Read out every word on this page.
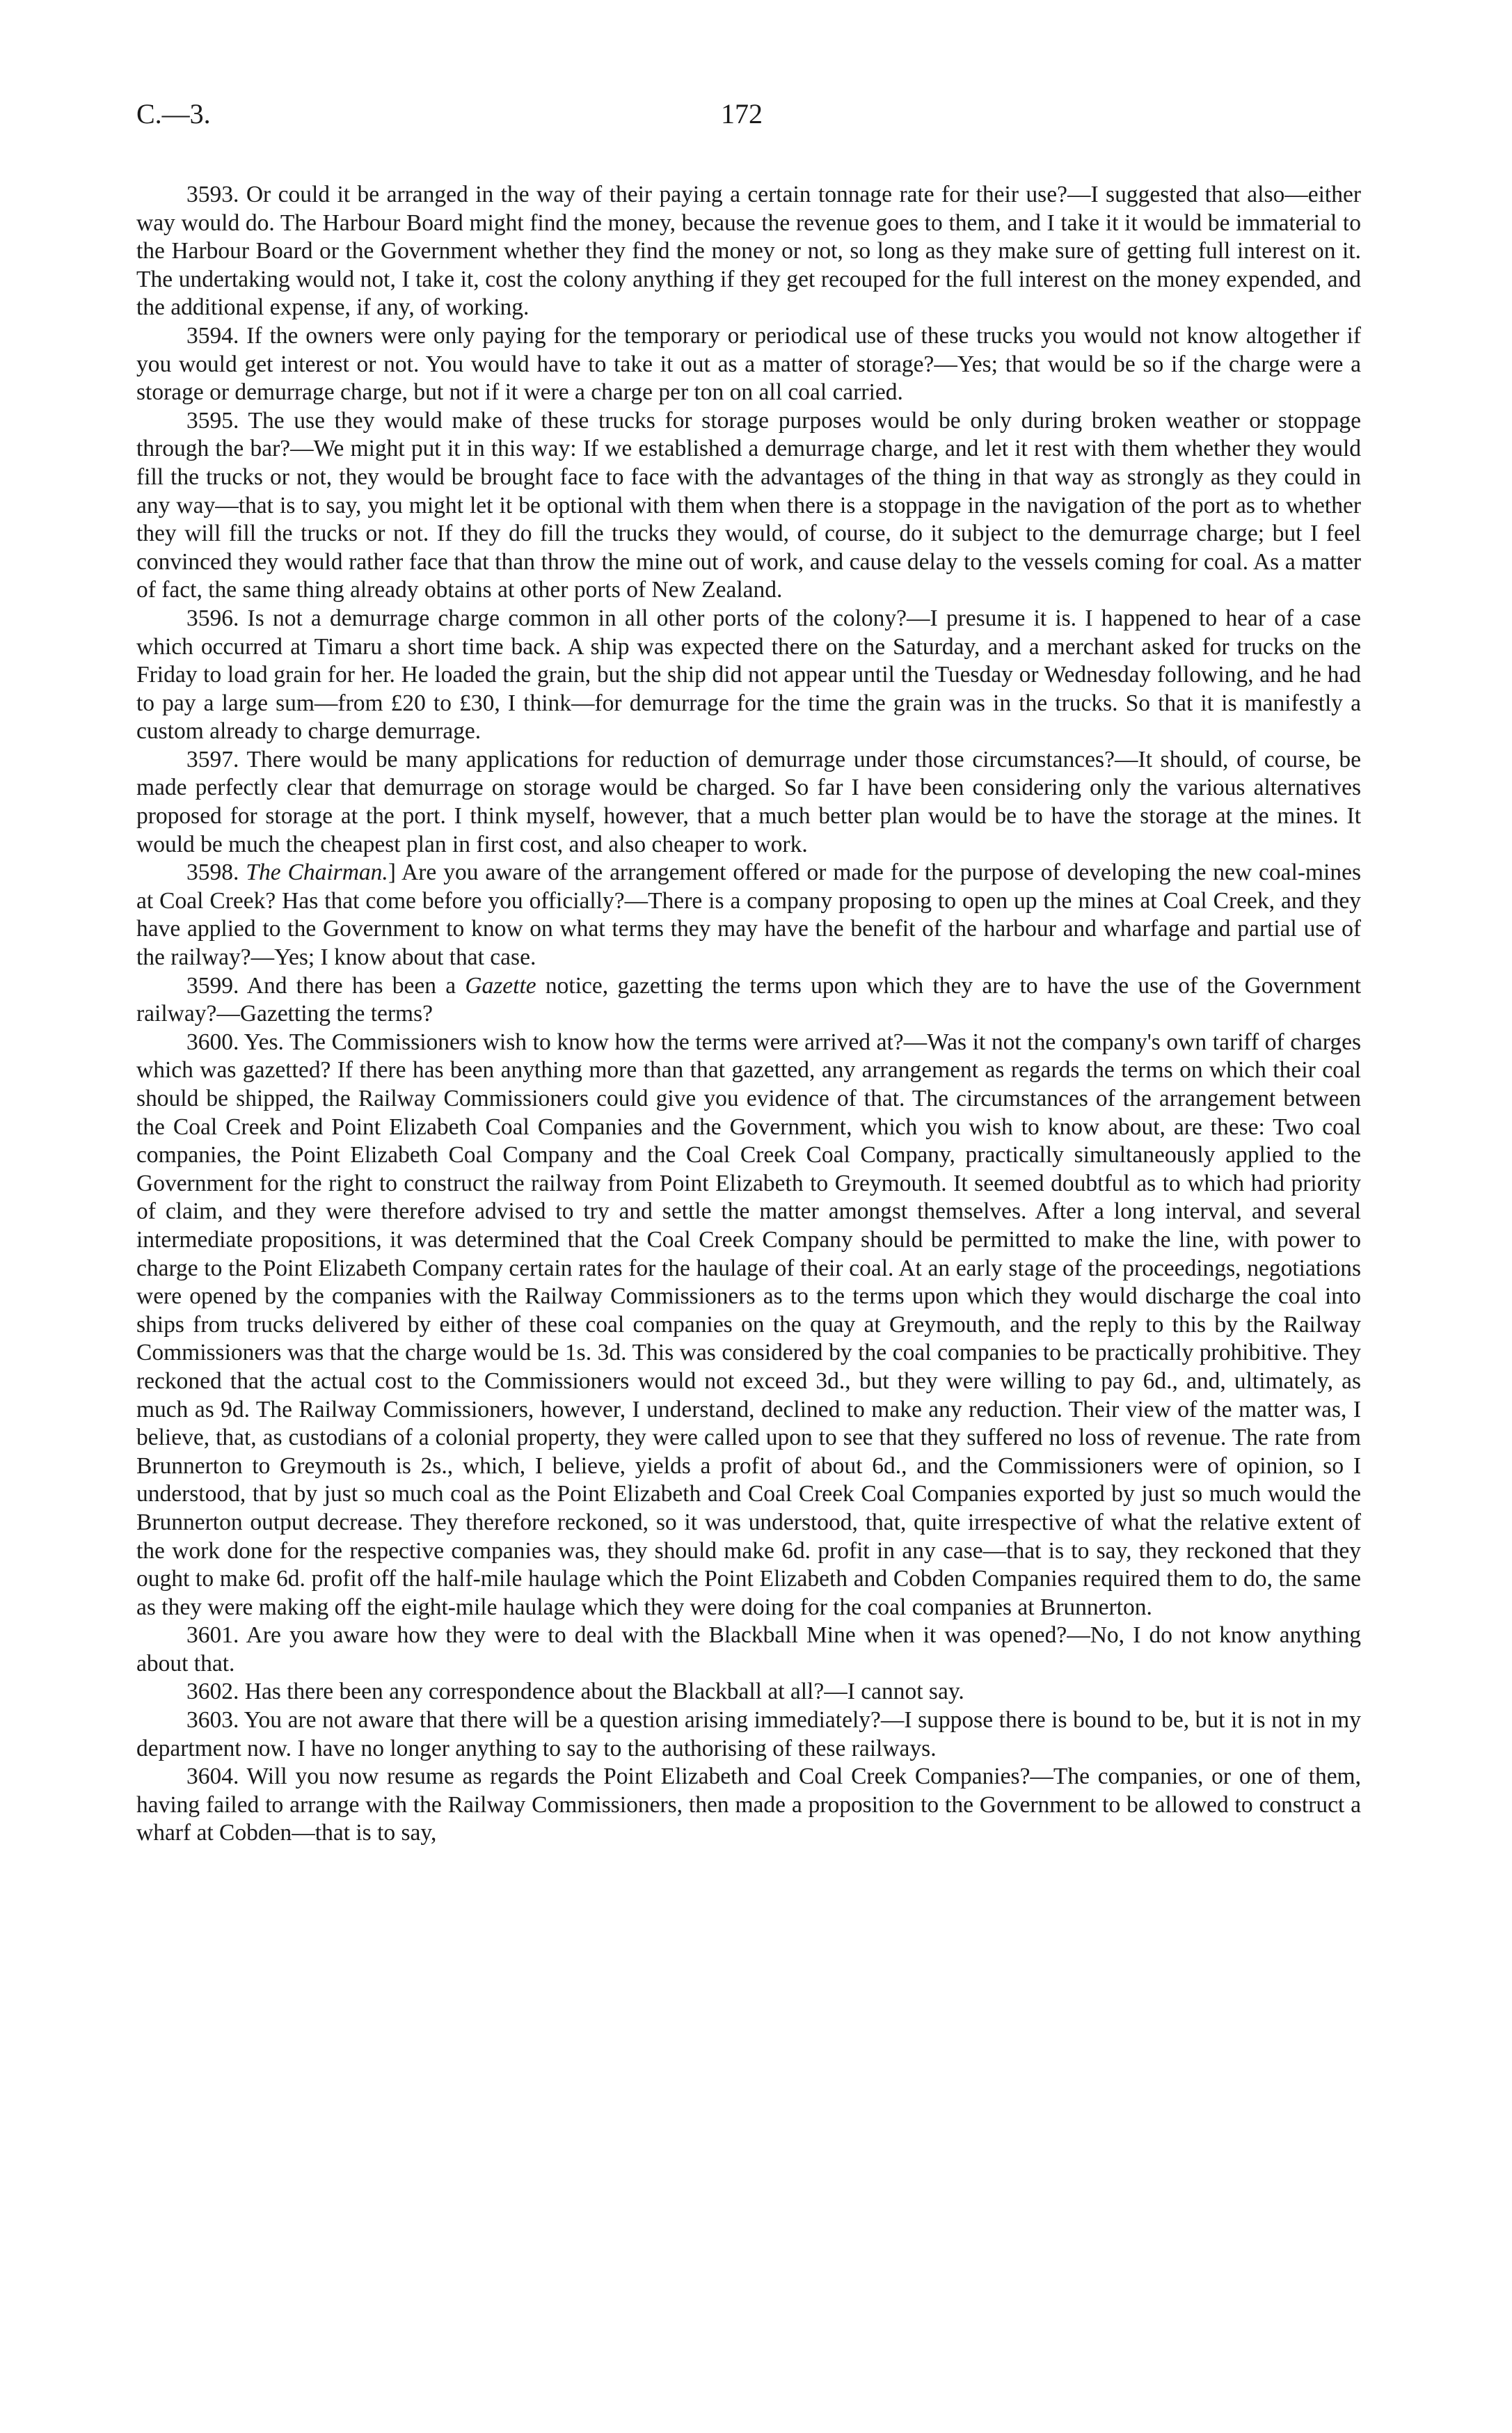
C.—3.	172

3593. Or could it be arranged in the way of their paying a certain tonnage rate for their use?—I suggested that also—either way would do. The Harbour Board might find the money, because the revenue goes to them, and I take it it would be immaterial to the Harbour Board or the Government whether they find the money or not, so long as they make sure of getting full interest on it. The undertaking would not, I take it, cost the colony anything if they get recouped for the full interest on the money expended, and the additional expense, if any, of working.

3594. If the owners were only paying for the temporary or periodical use of these trucks you would not know altogether if you would get interest or not. You would have to take it out as a matter of storage?—Yes; that would be so if the charge were a storage or demurrage charge, but not if it were a charge per ton on all coal carried.

3595. The use they would make of these trucks for storage purposes would be only during broken weather or stoppage through the bar?—We might put it in this way: If we established a demurrage charge, and let it rest with them whether they would fill the trucks or not, they would be brought face to face with the advantages of the thing in that way as strongly as they could in any way—that is to say, you might let it be optional with them when there is a stoppage in the navigation of the port as to whether they will fill the trucks or not. If they do fill the trucks they would, of course, do it subject to the demurrage charge; but I feel convinced they would rather face that than throw the mine out of work, and cause delay to the vessels coming for coal. As a matter of fact, the same thing already obtains at other ports of New Zealand.

3596. Is not a demurrage charge common in all other ports of the colony?—I presume it is. I happened to hear of a case which occurred at Timaru a short time back. A ship was expected there on the Saturday, and a merchant asked for trucks on the Friday to load grain for her. He loaded the grain, but the ship did not appear until the Tuesday or Wednesday following, and he had to pay a large sum—from £20 to £30, I think—for demurrage for the time the grain was in the trucks. So that it is manifestly a custom already to charge demurrage.

3597. There would be many applications for reduction of demurrage under those circumstances?—It should, of course, be made perfectly clear that demurrage on storage would be charged. So far I have been considering only the various alternatives proposed for storage at the port. I think myself, however, that a much better plan would be to have the storage at the mines. It would be much the cheapest plan in first cost, and also cheaper to work.

3598. The Chairman.] Are you aware of the arrangement offered or made for the purpose of developing the new coal-mines at Coal Creek? Has that come before you officially?—There is a company proposing to open up the mines at Coal Creek, and they have applied to the Government to know on what terms they may have the benefit of the harbour and wharfage and partial use of the railway?—Yes; I know about that case.

3599. And there has been a Gazette notice, gazetting the terms upon which they are to have the use of the Government railway?—Gazetting the terms?

3600. Yes. The Commissioners wish to know how the terms were arrived at?—Was it not the company's own tariff of charges which was gazetted? If there has been anything more than that gazetted, any arrangement as regards the terms on which their coal should be shipped, the Railway Commissioners could give you evidence of that. The circumstances of the arrangement between the Coal Creek and Point Elizabeth Coal Companies and the Government, which you wish to know about, are these: Two coal companies, the Point Elizabeth Coal Company and the Coal Creek Coal Company, practically simultaneously applied to the Government for the right to construct the railway from Point Elizabeth to Greymouth. It seemed doubtful as to which had priority of claim, and they were therefore advised to try and settle the matter amongst themselves. After a long interval, and several intermediate propositions, it was determined that the Coal Creek Company should be permitted to make the line, with power to charge to the Point Elizabeth Company certain rates for the haulage of their coal. At an early stage of the proceedings, negotiations were opened by the companies with the Railway Commissioners as to the terms upon which they would discharge the coal into ships from trucks delivered by either of these coal companies on the quay at Greymouth, and the reply to this by the Railway Commissioners was that the charge would be 1s. 3d. This was considered by the coal companies to be practically prohibitive. They reckoned that the actual cost to the Commissioners would not exceed 3d., but they were willing to pay 6d., and, ultimately, as much as 9d. The Railway Commissioners, however, I understand, declined to make any reduction. Their view of the matter was, I believe, that, as custodians of a colonial property, they were called upon to see that they suffered no loss of revenue. The rate from Brunnerton to Greymouth is 2s., which, I believe, yields a profit of about 6d., and the Commissioners were of opinion, so I understood, that by just so much coal as the Point Elizabeth and Coal Creek Coal Companies exported by just so much would the Brunnerton output decrease. They therefore reckoned, so it was understood, that, quite irrespective of what the relative extent of the work done for the respective companies was, they should make 6d. profit in any case—that is to say, they reckoned that they ought to make 6d. profit off the half-mile haulage which the Point Elizabeth and Cobden Companies required them to do, the same as they were making off the eight-mile haulage which they were doing for the coal companies at Brunnerton.

3601. Are you aware how they were to deal with the Blackball Mine when it was opened?—No, I do not know anything about that.

3602. Has there been any correspondence about the Blackball at all?—I cannot say.

3603. You are not aware that there will be a question arising immediately?—I suppose there is bound to be, but it is not in my department now. I have no longer anything to say to the authorising of these railways.

3604. Will you now resume as regards the Point Elizabeth and Coal Creek Companies?—The companies, or one of them, having failed to arrange with the Railway Commissioners, then made a proposition to the Government to be allowed to construct a wharf at Cobden—that is to say,
